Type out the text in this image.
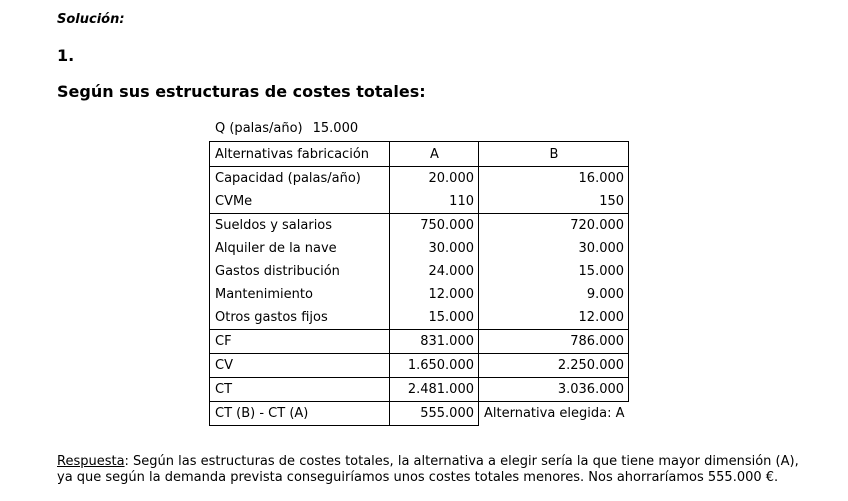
Solución:
1.
Según sus estructuras de costes totales:
Q (palas/año) 15.000
Alternativas fabricación	A	B
Capacidad (palas/año)	20.000	16.000
CVMe	110	150
Sueldos y salarios	750.000	720.000
Alquiler de la nave	30.000	30.000
Gastos distribución	24.000	15.000
Mantenimiento	12.000	9.000
Otros gastos fijos	15.000	12.000
CF	831.000	786.000
CV	1.650.000	2.250.000
CT	2.481.000	3.036.000
CT (B) - CT (A)	555.000	Alternativa elegida: A
Respuesta: Según las estructuras de costes totales, la alternativa a elegir sería la que tiene mayor dimensión (A), ya que según la demanda prevista conseguiríamos unos costes totales menores. Nos ahorraríamos 555.000 €.
